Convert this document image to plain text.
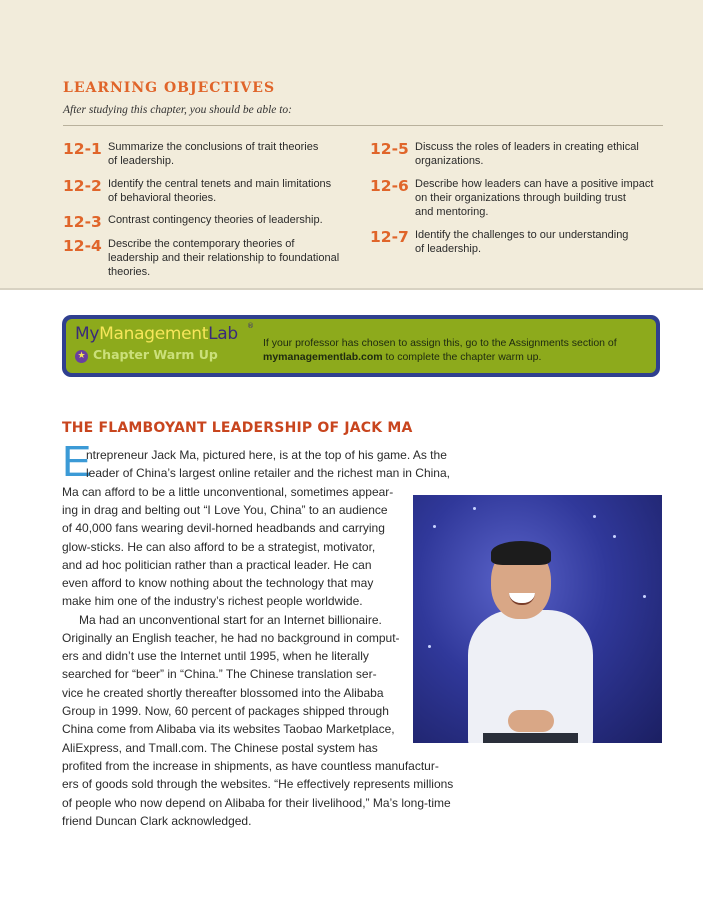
LEARNING OBJECTIVES
After studying this chapter, you should be able to:
12-1 Summarize the conclusions of trait theories
of leadership.
12-2 Identify the central tenets and main limitations
of behavioral theories.
12-3 Contrast contingency theories of leadership.
12-4 Describe the contemporary theories of
leadership and their relationship to foundational
theories.
12-5 Discuss the roles of leaders in creating ethical
organizations.
12-6 Describe how leaders can have a positive impact
on their organizations through building trust
and mentoring.
12-7 Identify the challenges to our understanding
of leadership.
MyManagementLab ®
★ Chapter Warm Up
If your professor has chosen to assign this, go to the Assignments section of
mymanagementlab.com to complete the chapter warm up.
THE FLAMBOYANT LEADERSHIP OF JACK MA
E
ntrepreneur Jack Ma, pictured here, is at the top of his game. As the
leader of China’s largest online retailer and the richest man in China,
Ma can afford to be a little unconventional, sometimes appear-
ing in drag and belting out “I Love You, China” to an audience
of 40,000 fans wearing devil-horned headbands and carrying
glow-sticks. He can also afford to be a strategist, motivator,
and ad hoc politician rather than a practical leader. He can
even afford to know nothing about the technology that may
make him one of the industry’s richest people worldwide.
Ma had an unconventional start for an Internet billionaire.
Originally an English teacher, he had no background in comput-
ers and didn’t use the Internet until 1995, when he literally
searched for “beer” in “China.” The Chinese translation ser-
vice he created shortly thereafter blossomed into the Alibaba
Group in 1999. Now, 60 percent of packages shipped through
China come from Alibaba via its websites Taobao Marketplace,
AliExpress, and Tmall.com. The Chinese postal system has
profited from the increase in shipments, as have countless manufactur-
ers of goods sold through the websites. “He effectively represents millions
of people who now depend on Alibaba for their livelihood,” Ma’s long-time
friend Duncan Clark acknowledged.
